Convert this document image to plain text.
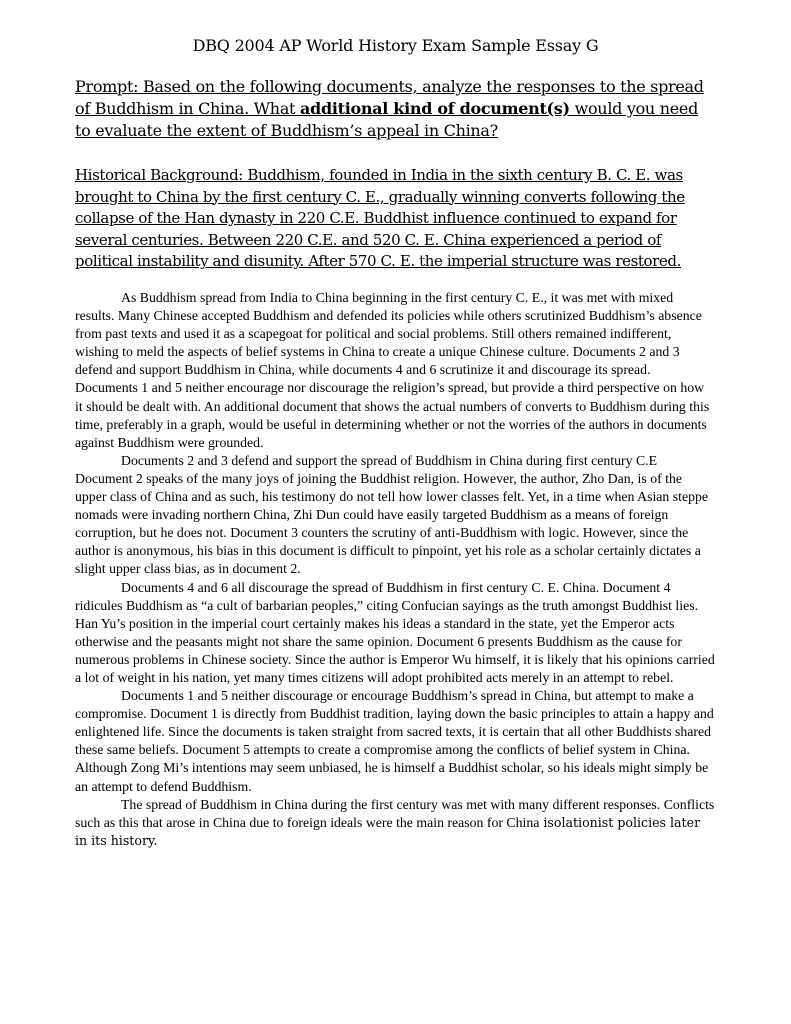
DBQ 2004 AP World History Exam Sample Essay G
Prompt: Based on the following documents, analyze the responses to the spread of Buddhism in China. What additional kind of document(s) would you need to evaluate the extent of Buddhism’s appeal in China?
Historical Background: Buddhism, founded in India in the sixth century B. C. E. was brought to China by the first century C. E., gradually winning converts following the collapse of the Han dynasty in 220 C.E. Buddhist influence continued to expand for several centuries. Between 220 C.E. and 520 C. E. China experienced a period of political instability and disunity. After 570 C. E. the imperial structure was restored.

As Buddhism spread from India to China beginning in the first century C. E., it was met with mixed results. Many Chinese accepted Buddhism and defended its policies while others scrutinized Buddhism’s absence from past texts and used it as a scapegoat for political and social problems. Still others remained indifferent, wishing to meld the aspects of belief systems in China to create a unique Chinese culture. Documents 2 and 3 defend and support Buddhism in China, while documents 4 and 6 scrutinize it and discourage its spread. Documents 1 and 5 neither encourage nor discourage the religion’s spread, but provide a third perspective on how it should be dealt with. An additional document that shows the actual numbers of converts to Buddhism during this time, preferably in a graph, would be useful in determining whether or not the worries of the authors in documents against Buddhism were grounded.

Documents 2 and 3 defend and support the spread of Buddhism in China during first century C.E Document 2 speaks of the many joys of joining the Buddhist religion. However, the author, Zho Dan, is of the upper class of China and as such, his testimony do not tell how lower classes felt. Yet, in a time when Asian steppe nomads were invading northern China, Zhi Dun could have easily targeted Buddhism as a means of foreign corruption, but he does not. Document 3 counters the scrutiny of anti-Buddhism with logic. However, since the author is anonymous, his bias in this document is difficult to pinpoint, yet his role as a scholar certainly dictates a slight upper class bias, as in document 2.

Documents 4 and 6 all discourage the spread of Buddhism in first century C. E. China. Document 4 ridicules Buddhism as “a cult of barbarian peoples,” citing Confucian sayings as the truth amongst Buddhist lies. Han Yu’s position in the imperial court certainly makes his ideas a standard in the state, yet the Emperor acts otherwise and the peasants might not share the same opinion. Document 6 presents Buddhism as the cause for numerous problems in Chinese society. Since the author is Emperor Wu himself, it is likely that his opinions carried a lot of weight in his nation, yet many times citizens will adopt prohibited acts merely in an attempt to rebel.

Documents 1 and 5 neither discourage or encourage Buddhism’s spread in China, but attempt to make a compromise. Document 1 is directly from Buddhist tradition, laying down the basic principles to attain a happy and enlightened life. Since the documents is taken straight from sacred texts, it is certain that all other Buddhists shared these same beliefs. Document 5 attempts to create a compromise among the conflicts of belief system in China. Although Zong Mi’s intentions may seem unbiased, he is himself a Buddhist scholar, so his ideals might simply be an attempt to defend Buddhism.

The spread of Buddhism in China during the first century was met with many different responses. Conflicts such as this that arose in China due to foreign ideals were the main reason for China isolationist policies later in its history.
